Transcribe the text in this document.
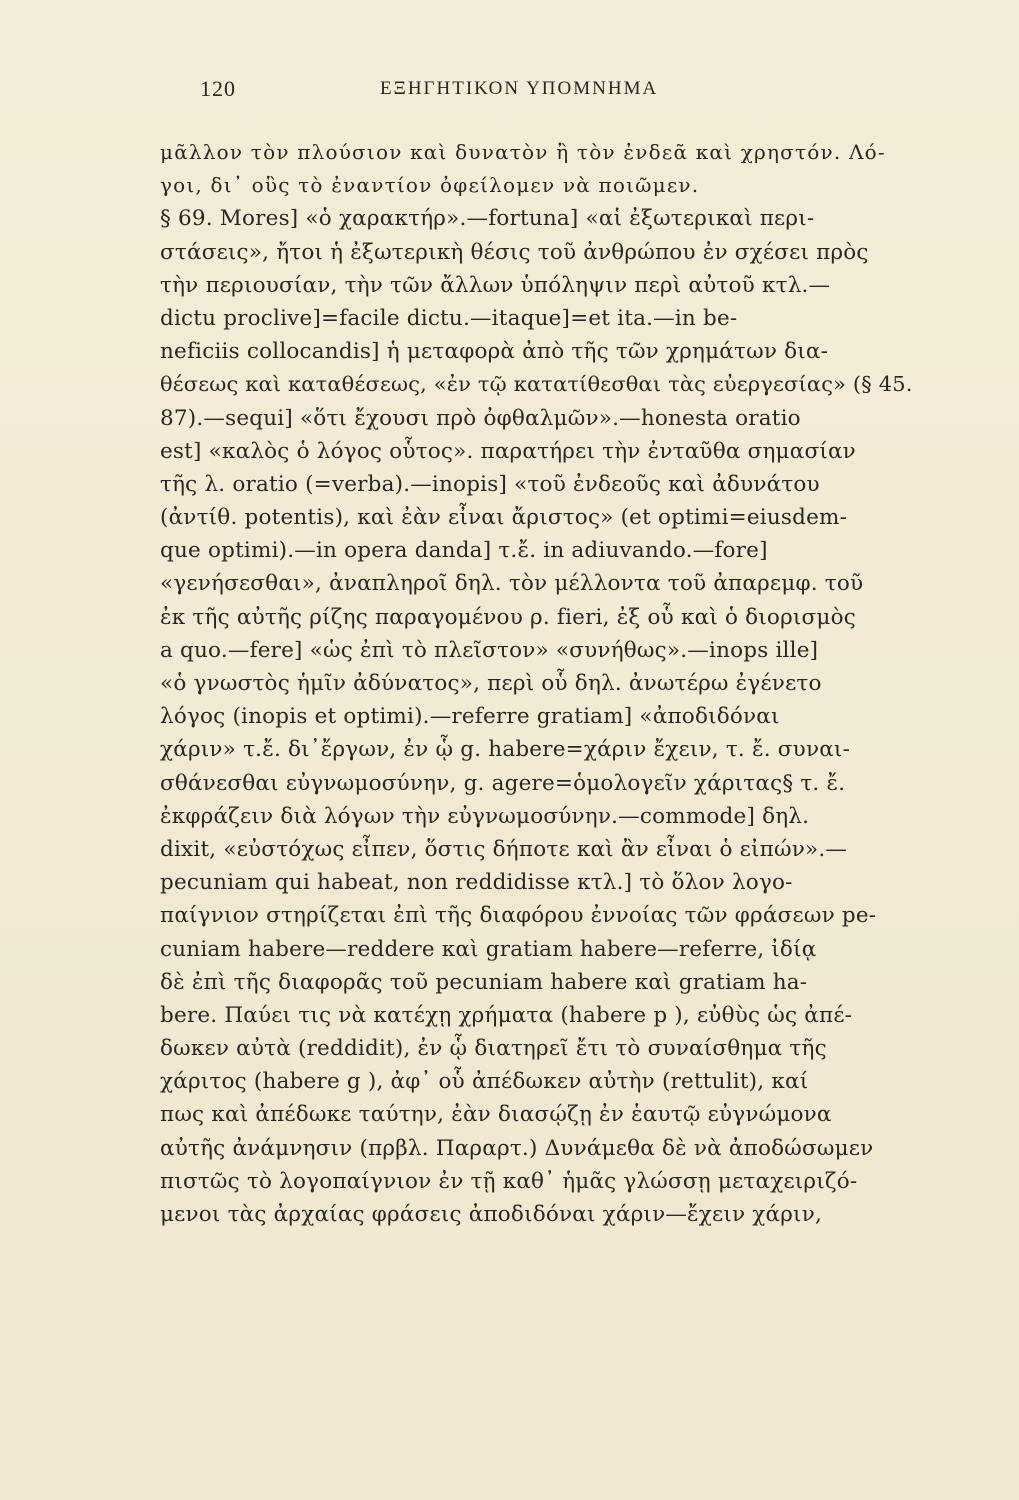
120	ΕΞΗΓΗΤΙΚΟΝ ΥΠΟΜΝΗΜΑ
μᾶλλον τὸν πλούσιον καὶ δυνατὸν ἢ τὸν ἐνδεᾶ καὶ χρηστόν. Λό-
γοι, δι᾽ οὓς τὸ ἐναντίον ὀφείλομεν νὰ ποιῶμεν.
§ 69. Mores] «ὁ χαρακτήρ».—fortuna] «αἱ ἐξωτερικαὶ περι-
στάσεις», ἤτοι ἡ ἐξωτερικὴ θέσις τοῦ ἀνθρώπου ἐν σχέσει πρὸς
τὴν περιουσίαν, τὴν τῶν ἄλλων ὑπόληψιν περὶ αὐτοῦ κτλ.—
dictu proclive]=facile dictu.—itaque]=et ita.—in be-
neficiis collocandis] ἡ μεταφορὰ ἀπὸ τῆς τῶν χρημάτων δια-
θέσεως καὶ καταθέσεως, «ἐν τῷ κατατίθεσθαι τὰς εὐεργεσίας» (§ 45.
87).—sequi] «ὅτι ἔχουσι πρὸ ὀφθαλμῶν».—honesta oratio
est] «καλὸς ὁ λόγος οὗτος». παρατήρει τὴν ἐνταῦθα σημασίαν
τῆς λ. oratio (=verba).—inopis] «τοῦ ἐνδεοῦς καὶ ἀδυνάτου
(ἀντίθ. potentis), καὶ ἐὰν εἶναι ἄριστος» (et optimi=eiusdem-
que optimi).—in opera danda] τ.ἔ. in adiuvando.—fore]
«γενήσεσθαι», ἀναπληροῖ δηλ. τὸν μέλλοντα τοῦ ἀπαρεμφ. τοῦ
ἐκ τῆς αὐτῆς ρίζης παραγομένου ρ. fieri, ἐξ οὗ καὶ ὁ διορισμὸς
a quo.—fere] «ὡς ἐπὶ τὸ πλεῖστον» «συνήθως».—inops ille]
«ὁ γνωστὸς ἡμῖν ἀδύνατος», περὶ οὗ δηλ. ἀνωτέρω ἐγένετο
λόγος (inopis et optimi).—referre gratiam] «ἀποδιδόναι
χάριν» τ.ἔ. δι᾽ἔργων, ἐν ᾧ g. habere=χάριν ἔχειν, τ. ἔ. συναι-
σθάνεσθαι εὐγνωμοσύνην, g. agere=ὁμολογεῖν χάριτας§ τ. ἔ.
ἐκφράζειν διὰ λόγων τὴν εὐγνωμοσύνην.—commode] δηλ.
dixit, «εὐστόχως εἶπεν, ὅστις δήποτε καὶ ἂν εἶναι ὁ εἰπών».—
pecuniam qui habeat, non reddidisse κτλ.] τὸ ὅλον λογο-
παίγνιον στηρίζεται ἐπὶ τῆς διαφόρου ἐννοίας τῶν φράσεων pe-
cuniam habere—reddere καὶ gratiam habere—referre, ἰδίᾳ
δὲ ἐπὶ τῆς διαφορᾶς τοῦ pecuniam habere καὶ gratiam ha-
bere. Παύει τις νὰ κατέχῃ χρήματα (habere p ), εὐθὺς ὡς ἀπέ-
δωκεν αὐτὰ (reddidit), ἐν ᾧ διατηρεῖ ἔτι τὸ συναίσθημα τῆς
χάριτος (habere g ), ἀφ᾽ οὗ ἀπέδωκεν αὐτὴν (rettulit), καί
πως καὶ ἀπέδωκε ταύτην, ἐὰν διασῴζῃ ἐν ἑαυτῷ εὐγνώμονα
αὐτῆς ἀνάμνησιν (πρβλ. Παραρτ.) Δυνάμεθα δὲ νὰ ἀποδώσωμεν
πιστῶς τὸ λογοπαίγνιον ἐν τῇ καθ᾽ ἡμᾶς γλώσσῃ μεταχειριζό-
μενοι τὰς ἀρχαίας φράσεις ἀποδιδόναι χάριν—ἔχειν χάριν,
